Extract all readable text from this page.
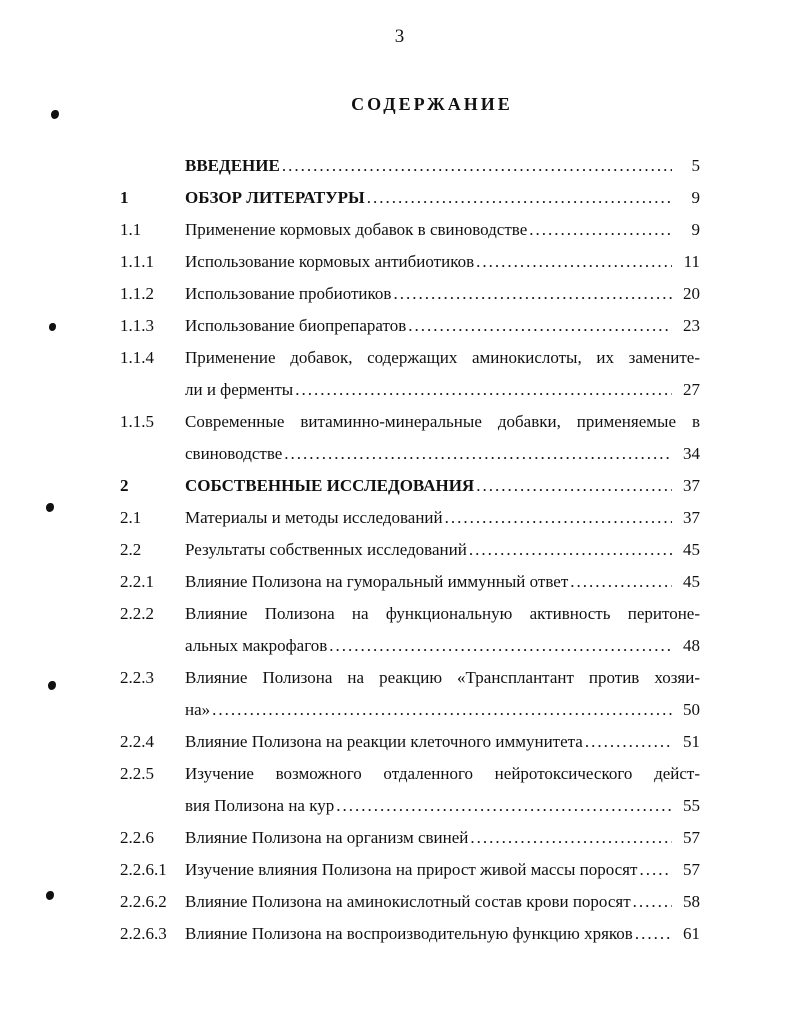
3
СОДЕРЖАНИЕ
ВВЕДЕНИЕ .....	5
1	ОБЗОР ЛИТЕРАТУРЫ .....	9
1.1	Применение кормовых добавок в свиноводстве .....	9
1.1.1 Использование кормовых антибиотиков .....	11
1.1.2 Использование пробиотиков .....	20
1.1.3 Использование биопрепаратов .....	23
1.1.4 Применение добавок, содержащих аминокислоты, их замените-
ли и ферменты .....	27
1.1.5 Современные витаминно-минеральные добавки, применяемые в
свиноводстве .....	34
2	СОБСТВЕННЫЕ ИССЛЕДОВАНИЯ .....	37
2.1	Материалы и методы исследований .....	37
2.2	Результаты собственных исследований .....	45
2.2.1 Влияние Полизона на гуморальный иммунный ответ .....	45
2.2.2 Влияние Полизона на функциональную активность перитоне-
альных макрофагов .....	48
2.2.3 Влияние Полизона на реакцию «Трансплантант против хозяи-
на» .....	50
2.2.4 Влияние Полизона на реакции клеточного иммунитета .....	51
2.2.5 Изучение возможного отдаленного нейротоксического дейст-
вия Полизона на кур .....	55
2.2.6 Влияние Полизона на организм свиней .....	57
2.2.6.1 Изучение влияния Полизона на прирост живой массы поросят .....	57
2.2.6.2 Влияние Полизона на аминокислотный состав крови поросят .....	58
2.2.6.3 Влияние Полизона на воспроизводительную функцию хряков .....	61
